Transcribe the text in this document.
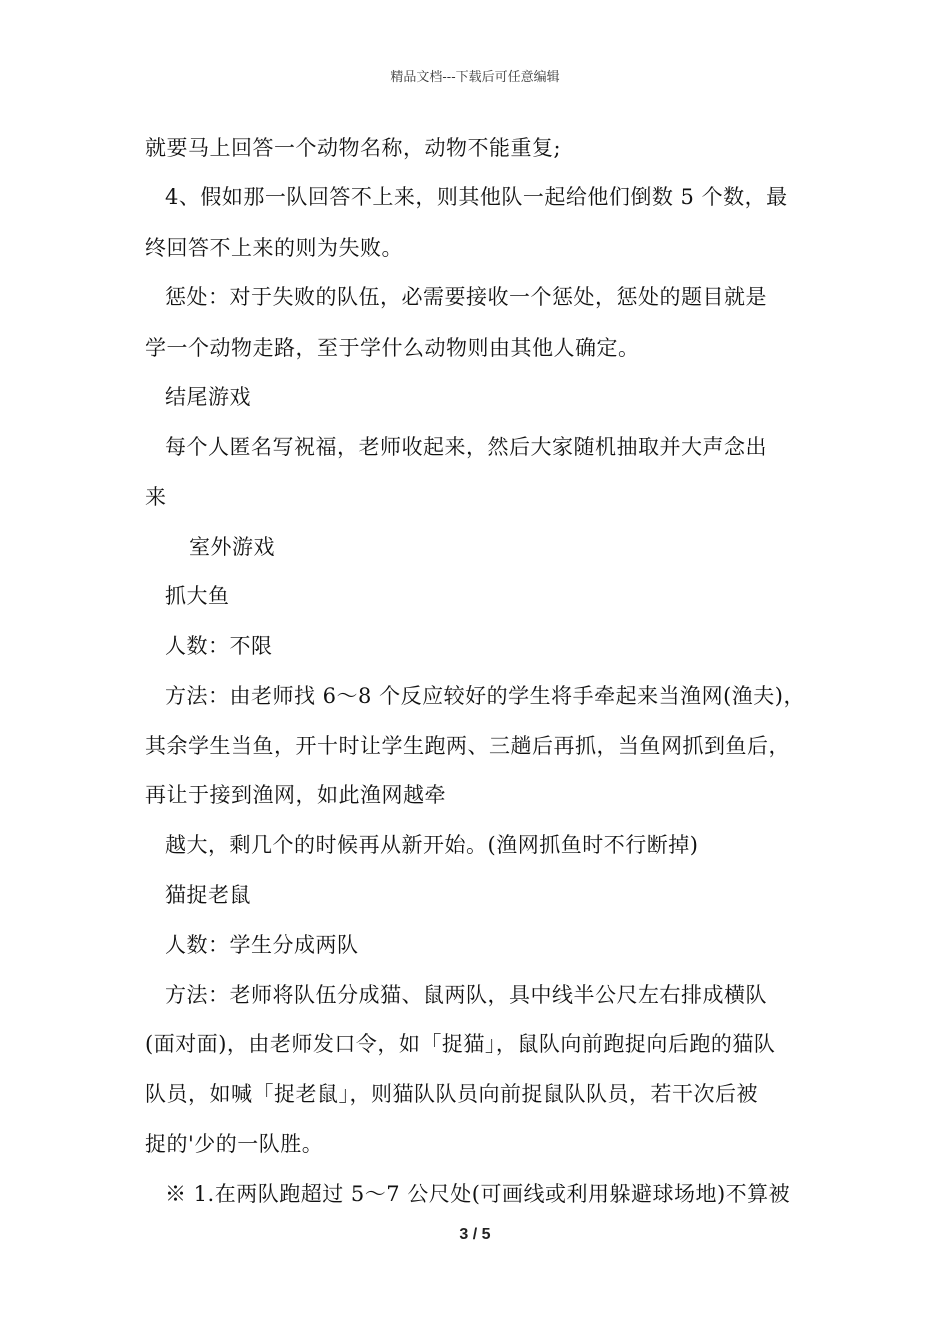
精品文档---下载后可任意编辑
就要马上回答一个动物名称，动物不能重复;
4、假如那一队回答不上来，则其他队一起给他们倒数 5 个数，最
终回答不上来的则为失败。
惩处：对于失败的队伍，必需要接收一个惩处，惩处的题目就是
学一个动物走路，至于学什么动物则由其他人确定。
结尾游戏
每个人匿名写祝福，老师收起来，然后大家随机抽取并大声念出
来
室外游戏
抓大鱼
人数：不限
方法：由老师找 6～8 个反应较好的学生将手牵起来当渔网(渔夫)，
其余学生当鱼，开十时让学生跑两、三趟后再抓，当鱼网抓到鱼后，
再让于接到渔网，如此渔网越牵
越大，剩几个的时候再从新开始。(渔网抓鱼时不行断掉)
猫捉老鼠
人数：学生分成两队
方法：老师将队伍分成猫、鼠两队，具中线半公尺左右排成横队
(面对面)，由老师发口令，如「捉猫」，鼠队向前跑捉向后跑的猫队
队员，如喊「捉老鼠」，则猫队队员向前捉鼠队队员，若干次后被
捉的'少的一队胜。
※ 1.在两队跑超过 5～7 公尺处(可画线或利用躲避球场地)不算被
3 / 5
